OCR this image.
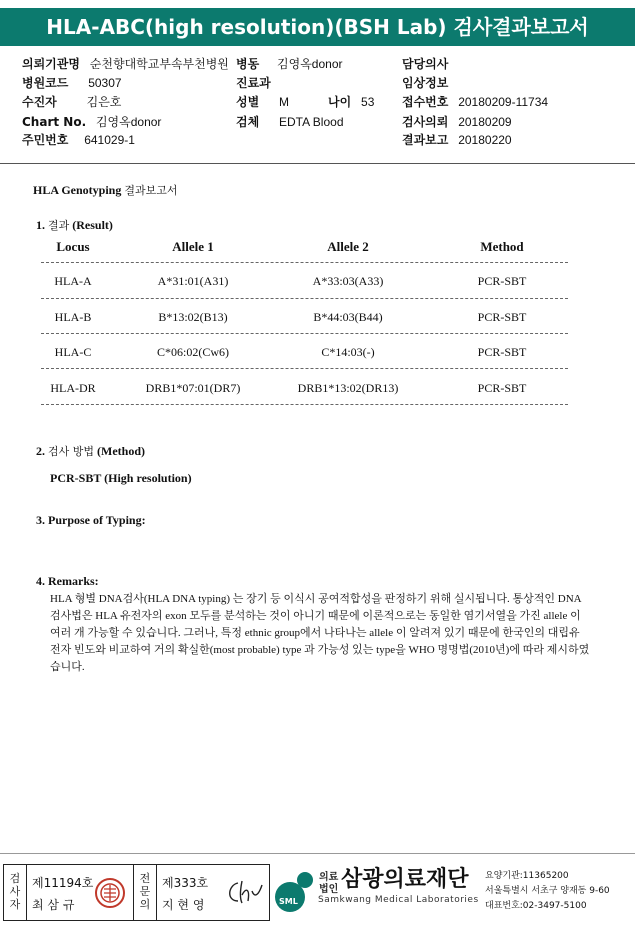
HLA-ABC(high resolution)(BSH Lab) 검사결과보고서
의뢰기관명 순천향대학교부속부천병원 병동 김영옥donor	담당의사
병원코드 50307	진료과	임상정보
수진자 김은호	성별 M	나이 53 접수번호 20180209-11734
Chart No. 김영옥donor	검체 EDTA Blood	검사의뢰 20180209
주민번호 641029-1	결과보고 20180220
HLA Genotyping 결과보고서
1. 결과 (Result)
Locus	Allele 1	Allele 2	Method
HLA-A	A*31:01(A31)	A*33:03(A33)	PCR-SBT
HLA-B	B*13:02(B13)	B*44:03(B44)	PCR-SBT
HLA-C	C*06:02(Cw6)	C*14:03(-)	PCR-SBT
HLA-DR	DRB1*07:01(DR7)	DRB1*13:02(DR13)	PCR-SBT
2. 검사 방법 (Method)
PCR-SBT (High resolution)
3. Purpose of Typing:
4. Remarks:
HLA 형별 DNA검사(HLA DNA typing) 는 장기 등 이식시 공여적합성을 판정하기 위해 실시됩니다. 통상적인 DNA 검사법은 HLA 유전자의 exon 모두를 분석하는 것이 아니기 때문에 이론적으로는 동일한 염기서열을 가진 allele 이 여러 개 가능할 수 있습니다. 그러나, 특정 ethnic group에서 나타나는 allele 이 알려져 있기 때문에 한국인의 대립유전자 빈도와 비교하여 거의 확실한(most probable) type 과 가능성 있는 type을 WHO 명명법(2010년)에 따라 제시하였습니다.
검사자
제11194호
최 삼 규
전문의
제333호
지 현 영	SML
의료
법인 삼광의료재단
Samkwang Medical Laboratories
요양기관:11365200
서울특별시 서초구 양재동 9-60
대표번호:02-3497-5100
